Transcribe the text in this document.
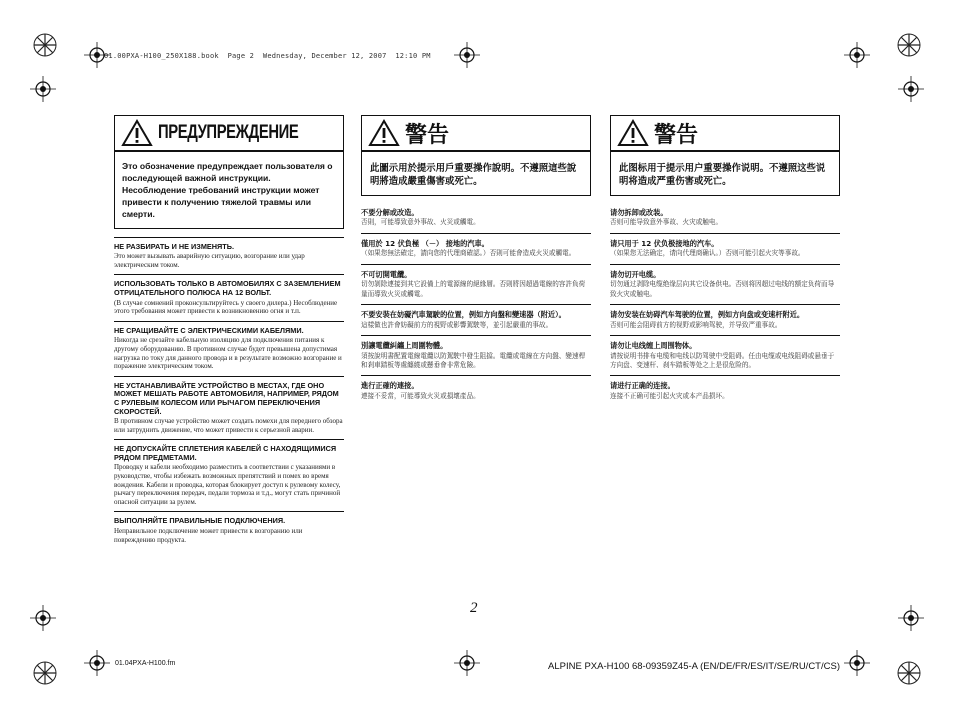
01.00PXA-H100_250X188.book  Page 2  Wednesday, December 12, 2007  12:10 PM
ПРЕДУПРЕЖДЕНИЕ
Это обозначение предупреждает пользователя о последующей важной инструкции. Несоблюдение требований инструкции может привести к получению тяжелой травмы или смерти.
НЕ РАЗБИРАТЬ И НЕ ИЗМЕНЯТЬ.
Это может вызывать аварийную ситуацию, возгорание или удар электрическим током.
ИСПОЛЬЗОВАТЬ ТОЛЬКО В АВТОМОБИЛЯХ С ЗАЗЕМЛЕНИЕМ ОТРИЦАТЕЛЬНОГО ПОЛЮСА НА 12 ВОЛЬТ.
(В случае сомнений проконсультируйтесь у своего дилера.) Несоблюдение этого требования может привести к возникновению огня и т.п.
НЕ СРАЩИВАЙТЕ С ЭЛЕКТРИЧЕСКИМИ КАБЕЛЯМИ.
Никогда не срезайте кабельную изоляцию для подключения питания к другому оборудованию. В противном случае будет превышена допустимая нагрузка по току для данного провода и в результате возможно возгорание и поражение электрическим током.
НЕ УСТАНАВЛИВАЙТЕ УСТРОЙСТВО В МЕСТАХ, ГДЕ ОНО МОЖЕТ МЕШАТЬ РАБОТЕ АВТОМОБИЛЯ, НАПРИМЕР, РЯДОМ С РУЛЕВЫМ КОЛЕСОМ ИЛИ РЫЧАГОМ ПЕРЕКЛЮЧЕНИЯ СКОРОСТЕЙ.
В противном случае устройство может создать помехи для переднего обзора или затруднить движение, что может привести к серьезной аварии.
НЕ ДОПУСКАЙТЕ СПЛЕТЕНИЯ КАБЕЛЕЙ С НАХОДЯЩИМИСЯ РЯДОМ ПРЕДМЕТАМИ.
Проводку и кабели необходимо разместить в соответствии с указаниями в руководстве, чтобы избежать возможных препятствий и помех во время вождения. Кабели и проводка, которая блокирует доступ к рулевому колесу, рычагу переключения передач, педали тормоза и т.д., могут стать причиной опасной ситуации за рулем.
ВЫПОЛНЯЙТЕ ПРАВИЛЬНЫЕ ПОДКЛЮЧЕНИЯ.
Неправильное подключение может привести к возгоранию или повреждению продукта.
警告
此圖示用於提示用戶重要操作說明。不遵照這些說明將造成嚴重傷害或死亡。
不要分解或改造。
否則，可能導致意外事故、火災或觸電。
僅用於 12 伏負極 （－） 接地的汽車。
（如果您無法確定，請向您的代理商確認。）否則可能會造成火災或觸電。
不可切開電纜。
切勿剝除連接到其它設備上的電源線的絕緣層。否則將因超過電線的容許負荷量而導致火災或觸電。
不要安裝在妨礙汽車駕駛的位置，例如方向盤和變速器（附近）。
這樣做也許會妨礙前方的視野或影響駕駛等，並引起嚴重的事故。
別讓電纜糾纏上周圍物體。
須按說明書配置電線電纜以防駕駛中發生阻擋。電纜或電線在方向盤、變速桿和剎車踏板等處纏繞或懸垂會非常危險。
進行正確的連接。
連接不妥當，可能導致火災或損壞產品。
警告
此图标用于提示用户重要操作说明。不遵照这些说明将造成严重伤害或死亡。
请勿拆卸或改装。
否则可能导致意外事故、火灾或触电。
请只用于 12 伏负极接地的汽车。
（如果您无法确定，请向代理商确认。）否则可能引起火灾等事故。
请勿切开电缆。
切勿通过剥除电缆绝缘层向其它设备供电。否则将因超过电线的额定负荷而导致火灾或触电。
请勿安装在妨碍汽车驾驶的位置，例如方向盘或变速杆附近。
否则可能会阻碍前方的视野或影响驾驶，并导致严重事故。
请勿让电线缠上周围物体。
请按说明书排布电缆和电线以防驾驶中受阻碍。任由电缆或电线阻碍或悬垂于方向盘、变速杆、刹车踏板等处之上是很危险的。
请进行正确的连接。
连接不正确可能引起火灾或本产品损坏。
2
01.04PXA-H100.fm	ALPINE PXA-H100 68-09359Z45-A (EN/DE/FR/ES/IT/SE/RU/CT/CS)
